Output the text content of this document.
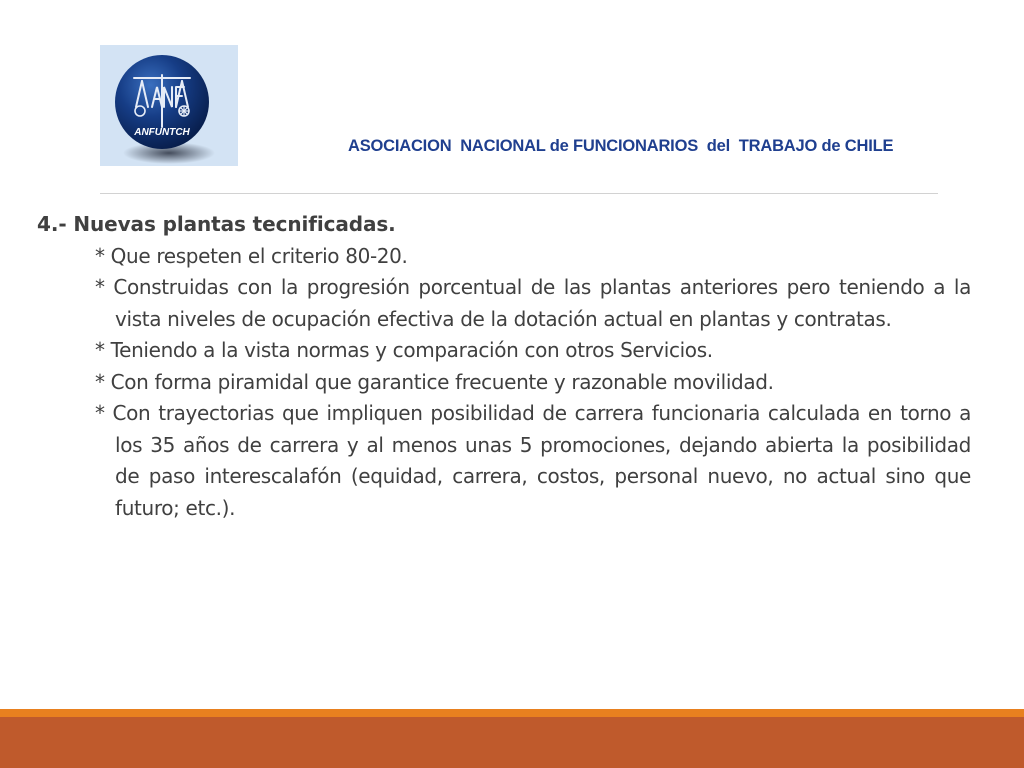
ANFUNTCH
ASOCIACION  NACIONAL de FUNCIONARIOS  del  TRABAJO de CHILE
4.- Nuevas plantas tecnificadas.
* Que respeten el criterio 80-20.
* Construidas con la progresión porcentual de las plantas anteriores pero teniendo a la vista niveles de ocupación efectiva de la dotación actual en plantas y contratas.
* Teniendo a la vista normas y comparación con otros Servicios.
* Con forma piramidal que garantice frecuente y razonable movilidad.
* Con trayectorias que impliquen posibilidad de carrera funcionaria calculada en torno a los 35 años de carrera y al menos unas 5 promociones, dejando abierta la posibilidad de paso interescalafón (equidad, carrera, costos, personal nuevo, no actual sino que futuro; etc.).
